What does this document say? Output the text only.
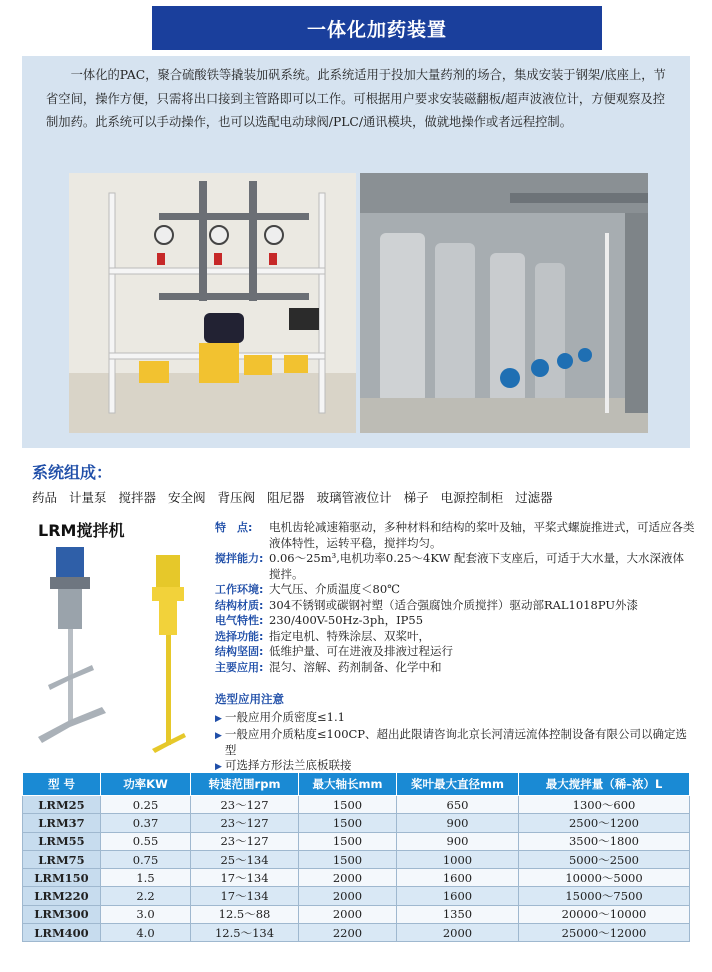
一体化加药装置

一体化的PAC，聚合硫酸铁等撬装加矾系统。此系统适用于投加大量药剂的场合，集成安装于钢架/底座上，节省空间，操作方便，只需将出口接到主管路即可以工作。可根据用户要求安装磁翻板/超声波液位计，方便观察及控制加药。此系统可以手动操作，也可以选配电动球阀/PLC/通讯模块，做就地操作或者远程控制。

系统组成：
药品 计量泵 搅拌器 安全阀 背压阀 阻尼器 玻璃管液位计 梯子 电源控制柜 过滤器
LRM搅拌机	特　点:	电机齿轮减速箱驱动，多种材料和结构的桨叶及轴，平桨式螺旋推进式，可适应各类液体特性，运转平稳，搅拌均匀。
搅拌能力: 0.06～25m³,电机功率0.25～4KW 配套液下支座后，可适于大水量，大水深液体搅拌。
工作环境: 大气压、介质温度＜80℃
结构材质: 304不锈钢或碳钢衬塑（适合强腐蚀介质搅拌）驱动部RAL1018PU外漆
电气特性: 230/400V-50Hz-3ph，IP55
选择功能: 指定电机、特殊涂层、双桨叶，
结构坚固: 低维护量、可在进液及排液过程运行
主要应用: 混匀、溶解、药剂制备、化学中和
选型应用注意
▶ 一般应用介质密度≤1.1
▶ 一般应用介质粘度≤100CP、超出此限请咨询北京长河清远流体控制设备有限公司以确定选型
▶ 可选择方形法兰底板联接
型 号	功率KW	转速范围rpm	最大轴长mm	桨叶最大直径mm	最大搅拌量（稀–浓）L
LRM25	0.25	23～127	1500	650	1300～600
LRM37	0.37	23～127	1500	900	2500～1200
LRM55	0.55	23～127	1500	900	3500～1800
LRM75	0.75	25～134	1500	1000	5000～2500
LRM150	1.5	17～134	2000	1600	10000～5000
LRM220	2.2	17～134	2000	1600	15000～7500
LRM300	3.0	12.5～88	2000	1350	20000～10000
LRM400	4.0	12.5～134	2200	2000	25000～12000
